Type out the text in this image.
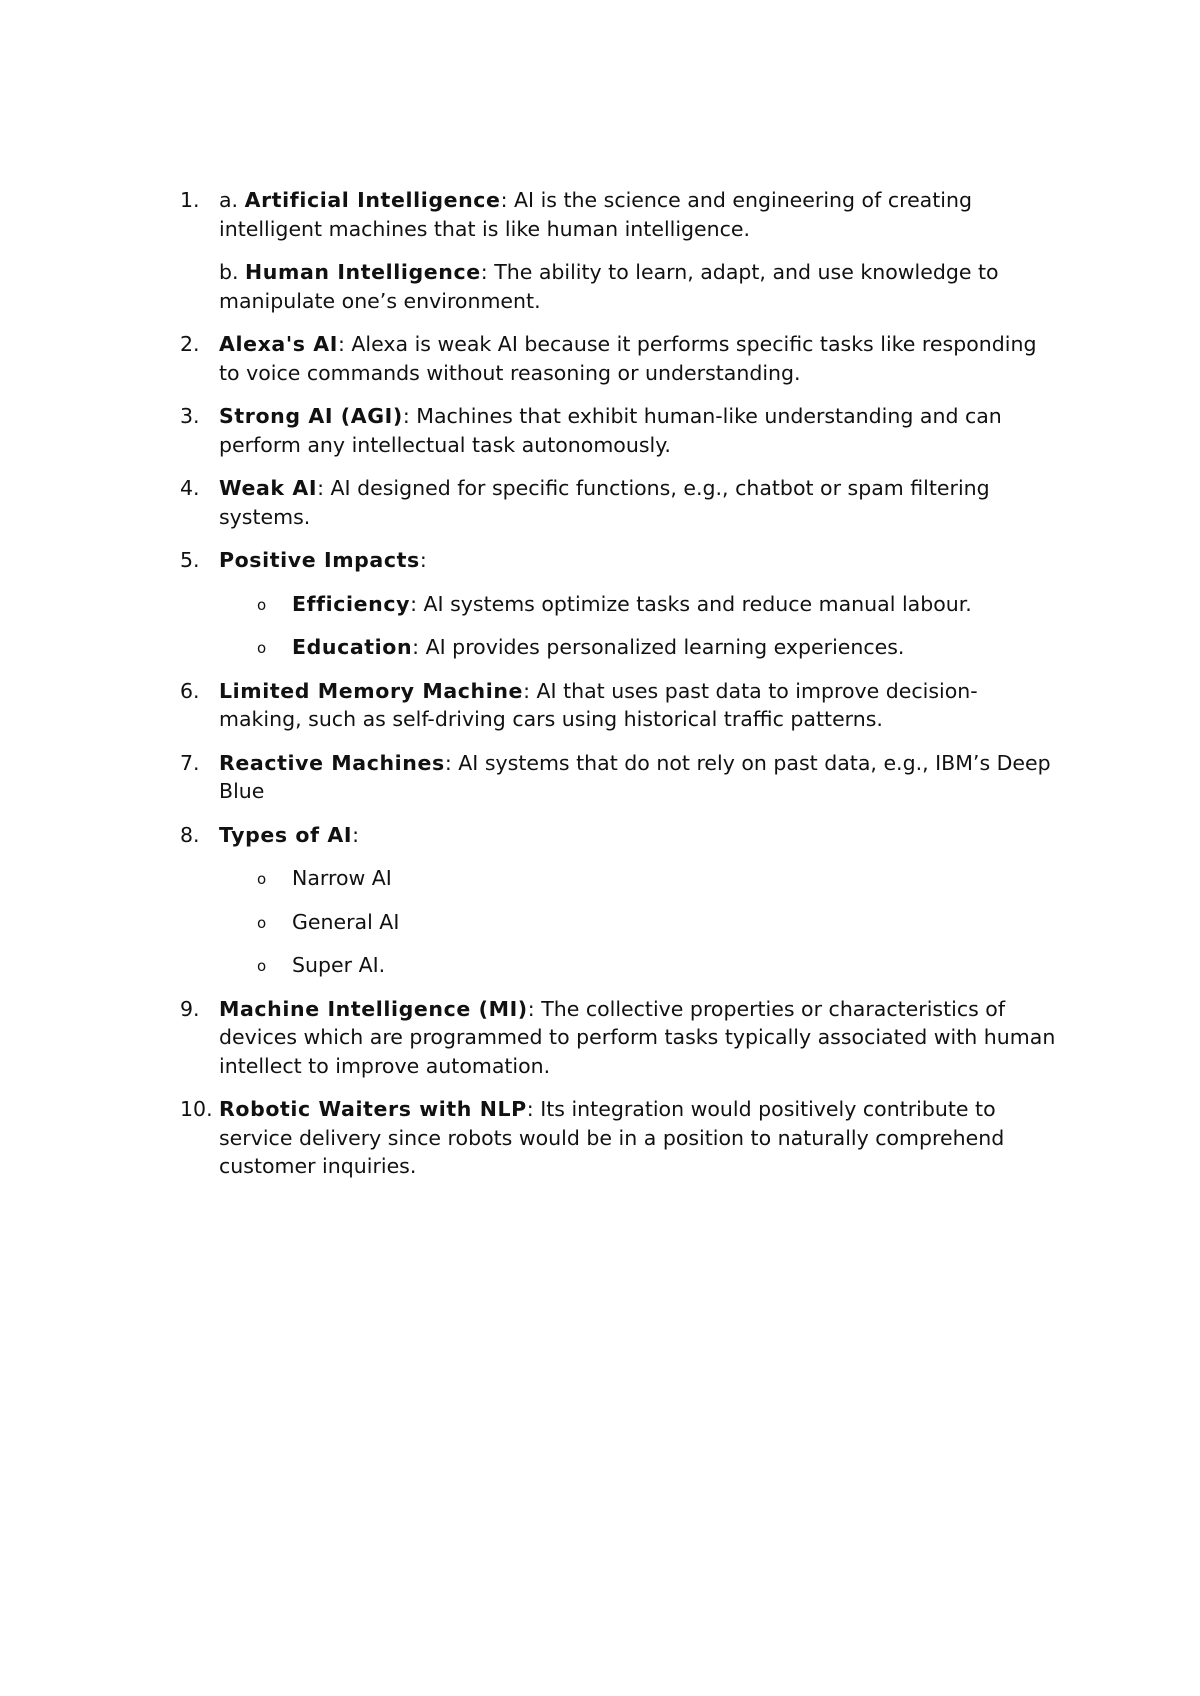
1. a. Artificial Intelligence: AI is the science and engineering of creating intelligent machines that is like human intelligence.
b. Human Intelligence: The ability to learn, adapt, and use knowledge to manipulate one’s environment.
2. Alexa's AI: Alexa is weak AI because it performs specific tasks like responding to voice commands without reasoning or understanding.
3. Strong AI (AGI): Machines that exhibit human-like understanding and can perform any intellectual task autonomously.
4. Weak AI: AI designed for specific functions, e.g., chatbot or spam filtering systems.
5. Positive Impacts:
o Efficiency: AI systems optimize tasks and reduce manual labour.
o Education: AI provides personalized learning experiences.
6. Limited Memory Machine: AI that uses past data to improve decision-making, such as self-driving cars using historical traffic patterns.
7. Reactive Machines: AI systems that do not rely on past data, e.g., IBM’s Deep Blue
8. Types of AI:
o Narrow AI
o General AI
o Super AI.
9. Machine Intelligence (MI): The collective properties or characteristics of devices which are programmed to perform tasks typically associated with human intellect to improve automation.
10. Robotic Waiters with NLP: Its integration would positively contribute to service delivery since robots would be in a position to naturally comprehend customer inquiries.
